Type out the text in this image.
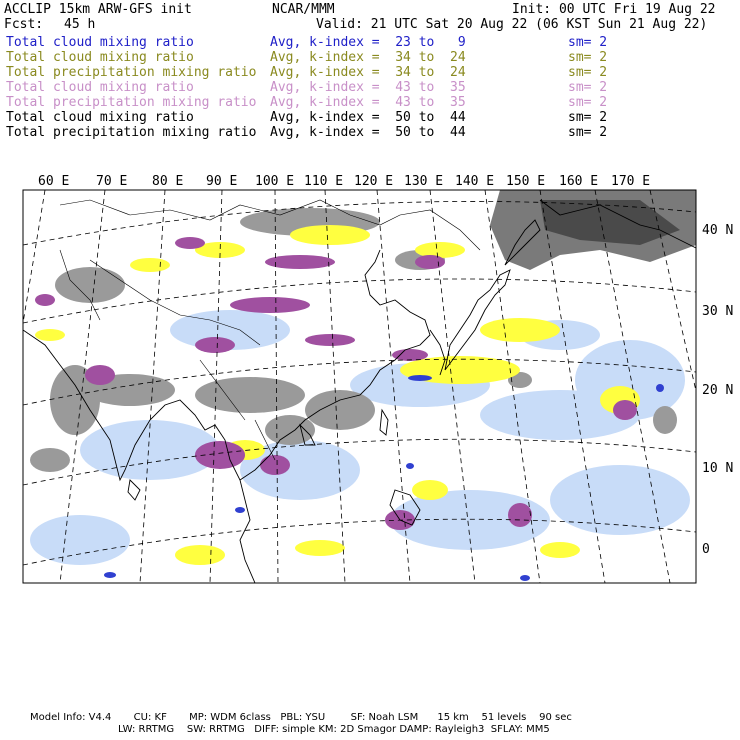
ACCLIP 15km ARW-GFS init	NCAR/MMM	Init: 00 UTC Fri 19 Aug 22
Fcst: 45 h	Valid: 21 UTC Sat 20 Aug 22 (06 KST Sun 21 Aug 22)
Total cloud mixing ratio	Avg, k-index =  23 to   9	sm= 2
Total cloud mixing ratio	Avg, k-index =  34 to  24	sm= 2
Total precipitation mixing ratio Avg, k-index =  34 to  24	sm= 2
Total cloud mixing ratio	Avg, k-index =  43 to  35	sm= 2
Total precipitation mixing ratio Avg, k-index =  43 to  35	sm= 2
Total cloud mixing ratio	Avg, k-index =  50 to  44	sm= 2
Total precipitation mixing ratio Avg, k-index =  50 to  44	sm= 2
60 E 70 E 80 E 90 E 100 E 110 E 120 E 130 E 140 E 150 E 160 E 170 E
40 N
30 N
20 N
10 N
0
Model Info: V4.4       CU: KF       MP: WDM 6class   PBL: YSU        SF: Noah LSM      15 km    51 levels    90 sec
LW: RRTMG    SW: RRTMG   DIFF: simple KM: 2D Smagor DAMP: Rayleigh3  SFLAY: MM5
